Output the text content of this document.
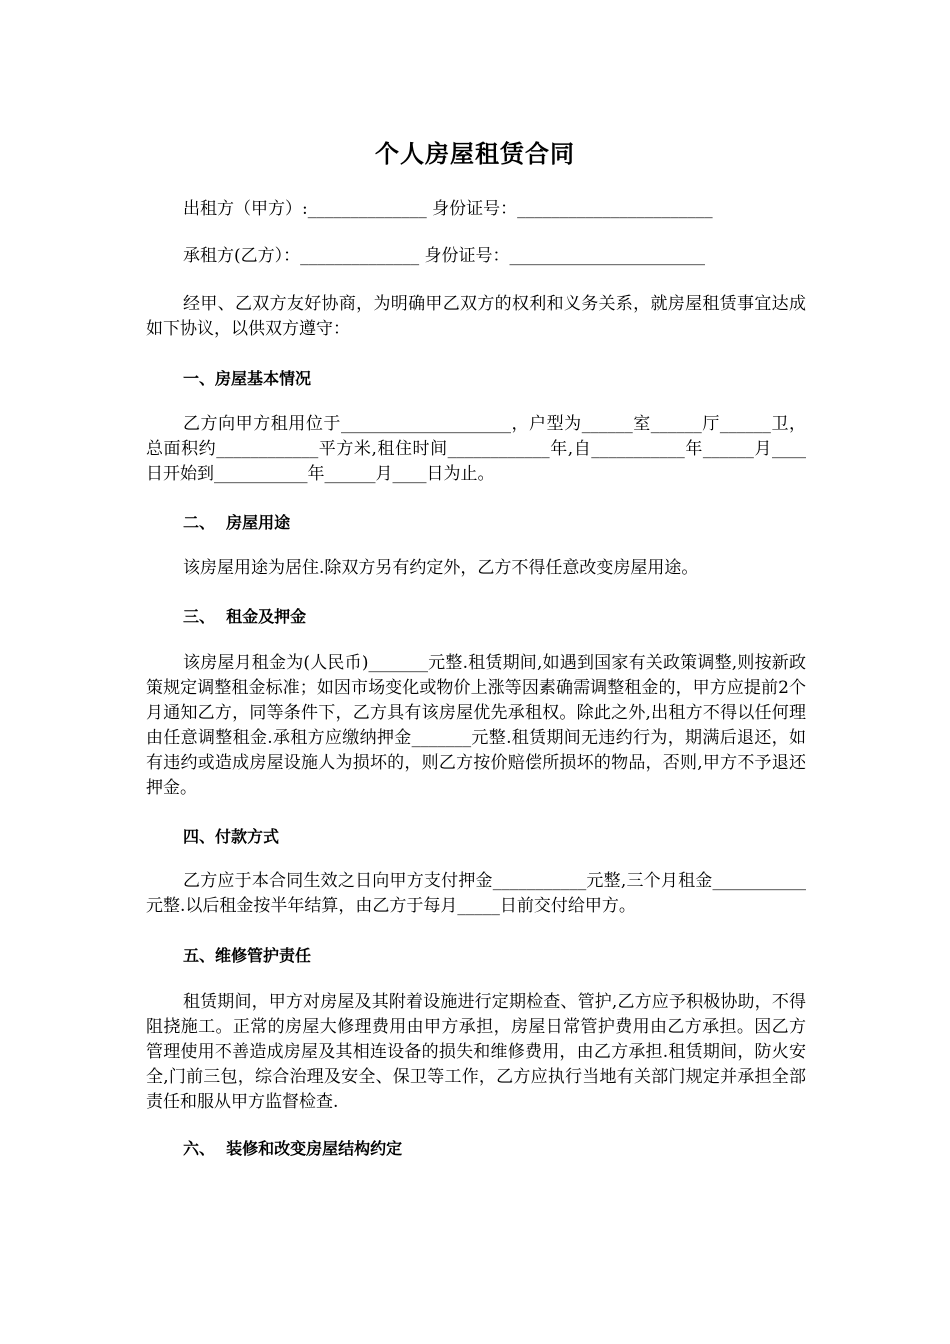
个人房屋租赁合同
出租方（甲方）:______________ 身份证号：_______________________
承租方(乙方）：______________ 身份证号：_______________________
经甲、乙双方友好协商，为明确甲乙双方的权利和义务关系，就房屋租赁事宜达成如下协议，以供双方遵守：
一、房屋基本情况
乙方向甲方租用位于____________________，户型为______室______厅______卫，总面积约____________平方米,租住时间____________年,自___________年______月____日开始到___________年______月____日为止。
二、  房屋用途
该房屋用途为居住.除双方另有约定外，乙方不得任意改变房屋用途。
三、  租金及押金
该房屋月租金为(人民币)_______元整.租赁期间,如遇到国家有关政策调整,则按新政策规定调整租金标准；如因市场变化或物价上涨等因素确需调整租金的，甲方应提前2个月通知乙方，同等条件下，乙方具有该房屋优先承租权。除此之外,出租方不得以任何理由任意调整租金.承租方应缴纳押金_______元整.租赁期间无违约行为，期满后退还，如有违约或造成房屋设施人为损坏的，则乙方按价赔偿所损坏的物品，否则,甲方不予退还押金。
四、付款方式
乙方应于本合同生效之日向甲方支付押金___________元整,三个月租金___________元整.以后租金按半年结算，由乙方于每月_____日前交付给甲方。
五、维修管护责任
租赁期间，甲方对房屋及其附着设施进行定期检查、管护,乙方应予积极协助，不得阻挠施工。正常的房屋大修理费用由甲方承担，房屋日常管护费用由乙方承担。因乙方管理使用不善造成房屋及其相连设备的损失和维修费用，由乙方承担.租赁期间，防火安全,门前三包，综合治理及安全、保卫等工作，乙方应执行当地有关部门规定并承担全部责任和服从甲方监督检查.
六、  装修和改变房屋结构约定
